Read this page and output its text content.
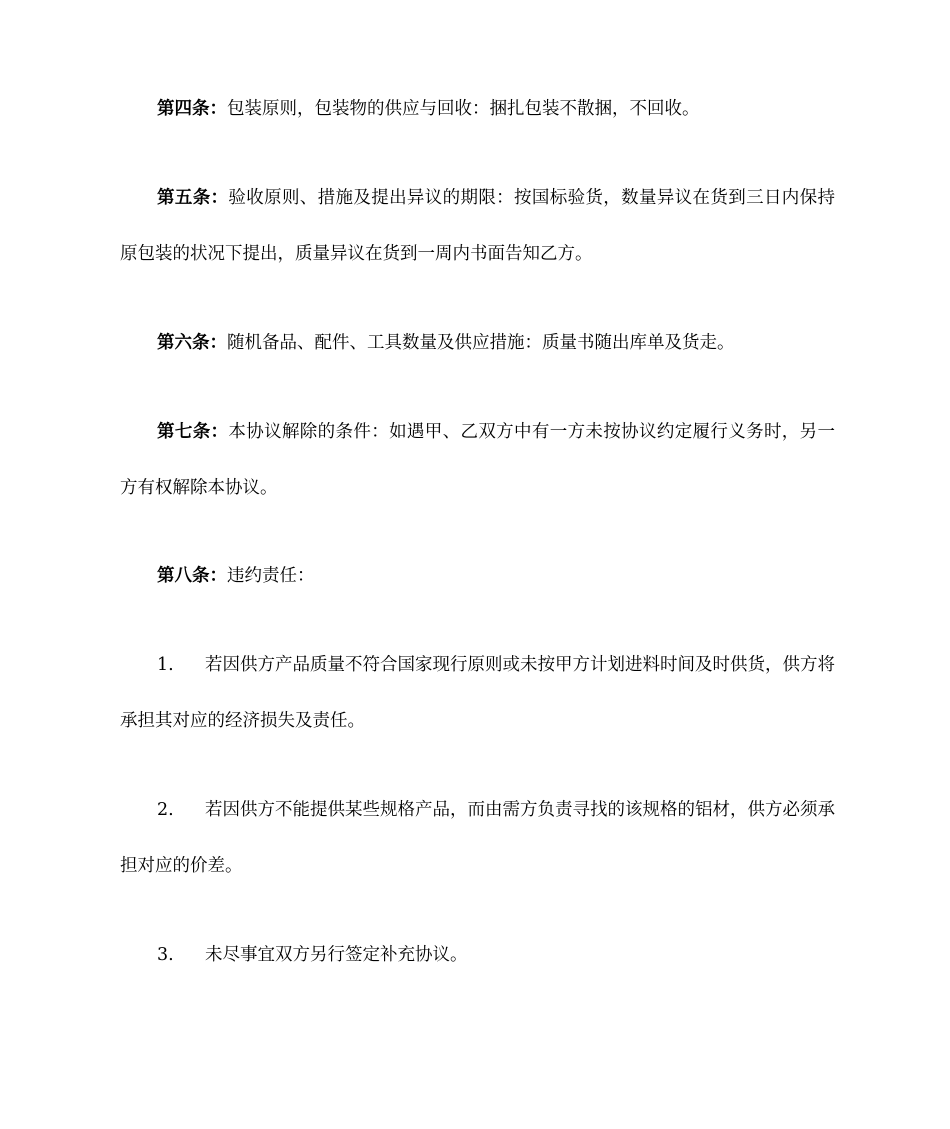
第四条：包装原则，包装物的供应与回收：捆扎包装不散捆，不回收。

第五条：验收原则、措施及提出异议的期限：按国标验货，数量异议在货到三日内保持原包装的状况下提出，质量异议在货到一周内书面告知乙方。

第六条：随机备品、配件、工具数量及供应措施：质量书随出库单及货走。

第七条：本协议解除的条件：如遇甲、乙双方中有一方未按协议约定履行义务时，另一方有权解除本协议。

第八条：违约责任：

1. 若因供方产品质量不符合国家现行原则或未按甲方计划进料时间及时供货，供方将承担其对应的经济损失及责任。

2. 若因供方不能提供某些规格产品，而由需方负责寻找的该规格的铝材，供方必须承担对应的价差。

3. 未尽事宜双方另行签定补充协议。
